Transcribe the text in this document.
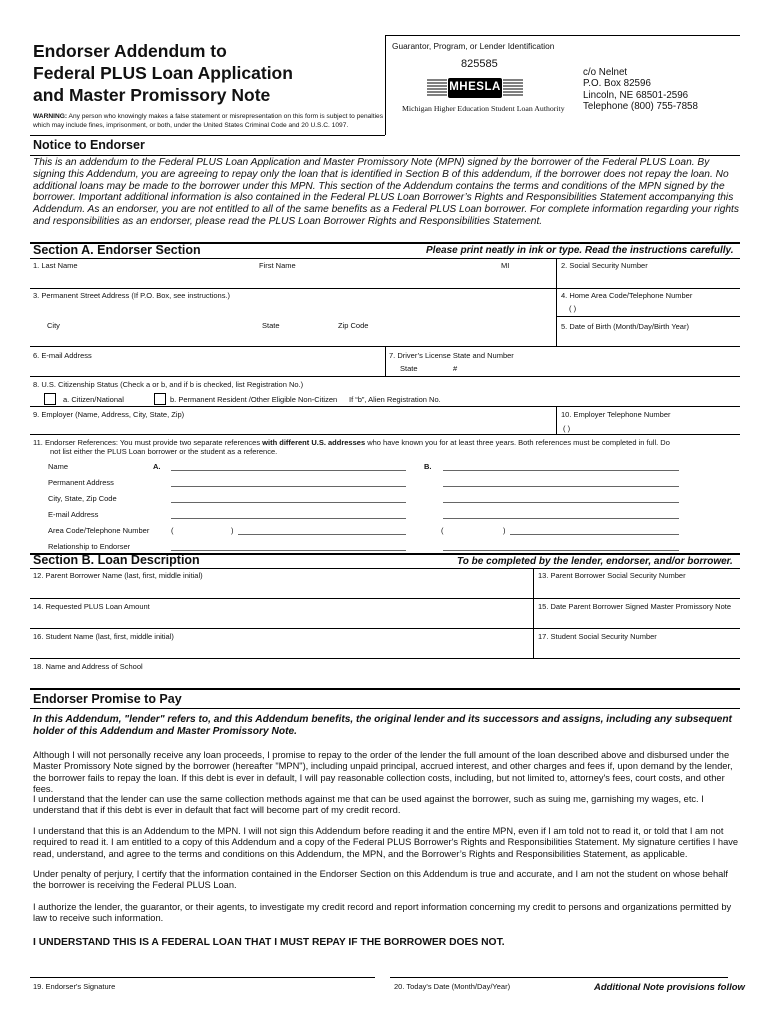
Endorser Addendum to
Federal PLUS Loan Application
and Master Promissory Note
WARNING: Any person who knowingly makes a false statement or misrepresentation on this form is subject to penalties which may include fines, imprisonment, or both, under the United States Criminal Code and 20 U.S.C. 1097.
Guarantor, Program, or Lender Identification
825585
MHESLA
Michigan Higher Education Student Loan Authority
c/o Nelnet
P.O. Box 82596
Lincoln, NE 68501-2596
Telephone (800) 755-7858
Notice to Endorser
This is an addendum to the Federal PLUS Loan Application and Master Promissory Note (MPN) signed by the borrower of the Federal PLUS Loan. By signing this Addendum, you are agreeing to repay only the loan that is identified in Section B of this addendum, if the borrower does not repay the loan. No additional loans may be made to the borrower under this MPN. This section of the Addendum contains the terms and conditions of the MPN signed by the borrower. Important additional information is also contained in the Federal PLUS Loan Borrower’s Rights and Responsibilities Statement accompanying this Addendum. As an endorser, you are not entitled to all of the same benefits as a Federal PLUS Loan borrower. For complete information regarding your rights and responsibilities as an endorser, please read the PLUS Loan Borrower Rights and Responsibilities Statement.
Section A. Endorser Section	Please print neatly in ink or type. Read the instructions carefully.
1. Last Name	First Name	MI	2. Social Security Number
3. Permanent Street Address (If P.O. Box, see instructions.)	4. Home Area Code/Telephone Number
( )
City	State	Zip Code	5. Date of Birth (Month/Day/Birth Year)
6. E-mail Address	7. Driver’s License State and Number
State	#
8. U.S. Citizenship Status (Check a or b, and if b is checked, list Registration No.)
a. Citizen/National	b. Permanent Resident /Other Eligible Non-Citizen If “b”, Alien Registration No.
9. Employer (Name, Address, City, State, Zip)	10. Employer Telephone Number
( )
11. Endorser References: You must provide two separate references with different U.S. addresses who have known you for at least three years. Both references must be completed in full. Do
not list either the PLUS Loan borrower or the student as a reference.
Name	A.	B.
Permanent Address
City, State, Zip Code
E-mail Address
Area Code/Telephone Number	(	)	(	)
Relationship to Endorser
Section B. Loan Description	To be completed by the lender, endorser, and/or borrower.
12. Parent Borrower Name (last, first, middle initial)	13. Parent Borrower Social Security Number
14. Requested PLUS Loan Amount	15. Date Parent Borrower Signed Master Promissory Note
16. Student Name (last, first, middle initial)	17. Student Social Security Number
18. Name and Address of School
Endorser Promise to Pay
In this Addendum, "lender" refers to, and this Addendum benefits, the original lender and its successors and assigns, including any subsequent holder of this Addendum and Master Promissory Note.
Although I will not personally receive any loan proceeds, I promise to repay to the order of the lender the full amount of the loan described above and disbursed under the Master Promissory Note signed by the borrower (hereafter "MPN"), including unpaid principal, accrued interest, and other charges and fees if, upon demand by the lender, the borrower fails to repay the loan. If this debt is ever in default, I will pay reasonable collection costs, including, but not limited to, attorney's fees, court costs, and other fees.
I understand that the lender can use the same collection methods against me that can be used against the borrower, such as suing me, garnishing my wages, etc. I understand that if this debt is ever in default that fact will become part of my credit record.
I understand that this is an Addendum to the MPN. I will not sign this Addendum before reading it and the entire MPN, even if I am told not to read it, or told that I am not required to read it. I am entitled to a copy of this Addendum and a copy of the Federal PLUS Borrower's Rights and Responsibilities Statement. My signature certifies I have read, understand, and agree to the terms and conditions on this Addendum, the MPN, and the Borrower’s Rights and Responsibilities Statement, as applicable.
Under penalty of perjury, I certify that the information contained in the Endorser Section on this Addendum is true and accurate, and I am not the student on whose behalf the borrower is receiving the Federal PLUS Loan.
I authorize the lender, the guarantor, or their agents, to investigate my credit record and report information concerning my credit to persons and organizations permitted by law to receive such information.
I UNDERSTAND THIS IS A FEDERAL LOAN THAT I MUST REPAY IF THE BORROWER DOES NOT.
19. Endorser's Signature	20. Today's Date (Month/Day/Year)	Additional Note provisions follow
